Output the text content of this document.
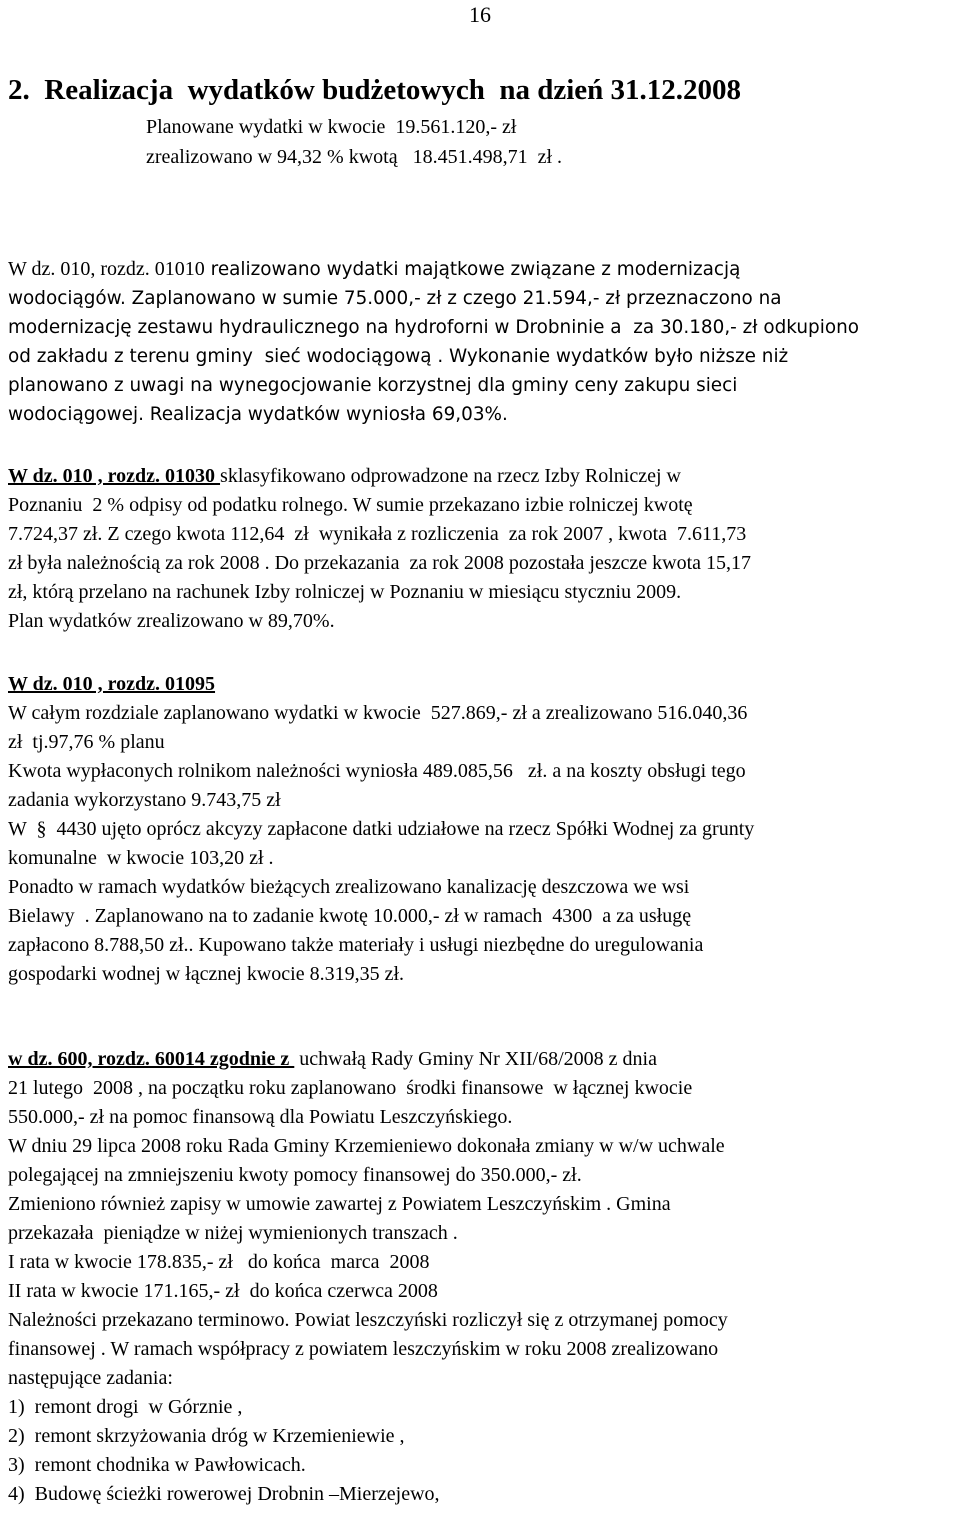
16
2.  Realizacja  wydatków budżetowych  na dzień 31.12.2008
Planowane wydatki w kwocie  19.561.120,- zł
zrealizowano w 94,32 % kwotą   18.451.498,71  zł .
W dz. 010, rozdz. 01010 realizowano wydatki majątkowe związane z modernizacją
wodociągów. Zaplanowano w sumie 75.000,- zł z czego 21.594,- zł przeznaczono na
modernizację zestawu hydraulicznego na hydroforni w Drobninie a  za 30.180,- zł odkupiono
od zakładu z terenu gminy  sieć wodociągową . Wykonanie wydatków było niższe niż
planowano z uwagi na wynegocjowanie korzystnej dla gminy ceny zakupu sieci
wodociągowej. Realizacja wydatków wyniosła 69,03%.
W dz. 010 , rozdz. 01030 sklasyfikowano odprowadzone na rzecz Izby Rolniczej w
Poznaniu  2 % odpisy od podatku rolnego. W sumie przekazano izbie rolniczej kwotę
7.724,37 zł. Z czego kwota 112,64  zł  wynikała z rozliczenia  za rok 2007 , kwota  7.611,73
zł była należnością za rok 2008 . Do przekazania  za rok 2008 pozostała jeszcze kwota 15,17
zł, którą przelano na rachunek Izby rolniczej w Poznaniu w miesiącu styczniu 2009.
Plan wydatków zrealizowano w 89,70%.
W dz. 010 , rozdz. 01095
W całym rozdziale zaplanowano wydatki w kwocie  527.869,- zł a zrealizowano 516.040,36
zł  tj.97,76 % planu
Kwota wypłaconych rolnikom należności wyniosła 489.085,56   zł. a na koszty obsługi tego
zadania wykorzystano 9.743,75 zł
W  §  4430 ujęto oprócz akcyzy zapłacone datki udziałowe na rzecz Spółki Wodnej za grunty
komunalne  w kwocie 103,20 zł .
Ponadto w ramach wydatków bieżących zrealizowano kanalizację deszczowa we wsi
Bielawy  . Zaplanowano na to zadanie kwotę 10.000,- zł w ramach  4300  a za usługę
zapłacono 8.788,50 zł.. Kupowano także materiały i usługi niezbędne do uregulowania
gospodarki wodnej w łącznej kwocie 8.319,35 zł.
w dz. 600, rozdz. 60014 zgodnie z  uchwałą Rady Gminy Nr XII/68/2008 z dnia
21 lutego  2008 , na początku roku zaplanowano  środki finansowe  w łącznej kwocie
550.000,- zł na pomoc finansową dla Powiatu Leszczyńskiego.
W dniu 29 lipca 2008 roku Rada Gminy Krzemieniewo dokonała zmiany w w/w uchwale
polegającej na zmniejszeniu kwoty pomocy finansowej do 350.000,- zł.
Zmieniono również zapisy w umowie zawartej z Powiatem Leszczyńskim . Gmina
przekazała  pieniądze w niżej wymienionych transzach .
I rata w kwocie 178.835,- zł   do końca  marca  2008
II rata w kwocie 171.165,- zł  do końca czerwca 2008
Należności przekazano terminowo. Powiat leszczyński rozliczył się z otrzymanej pomocy
finansowej . W ramach współpracy z powiatem leszczyńskim w roku 2008 zrealizowano
następujące zadania:
1)  remont drogi  w Górznie ,
2)  remont skrzyżowania dróg w Krzemieniewie ,
3)  remont chodnika w Pawłowicach.
4)  Budowę ścieżki rowerowej Drobnin –Mierzejewo,
